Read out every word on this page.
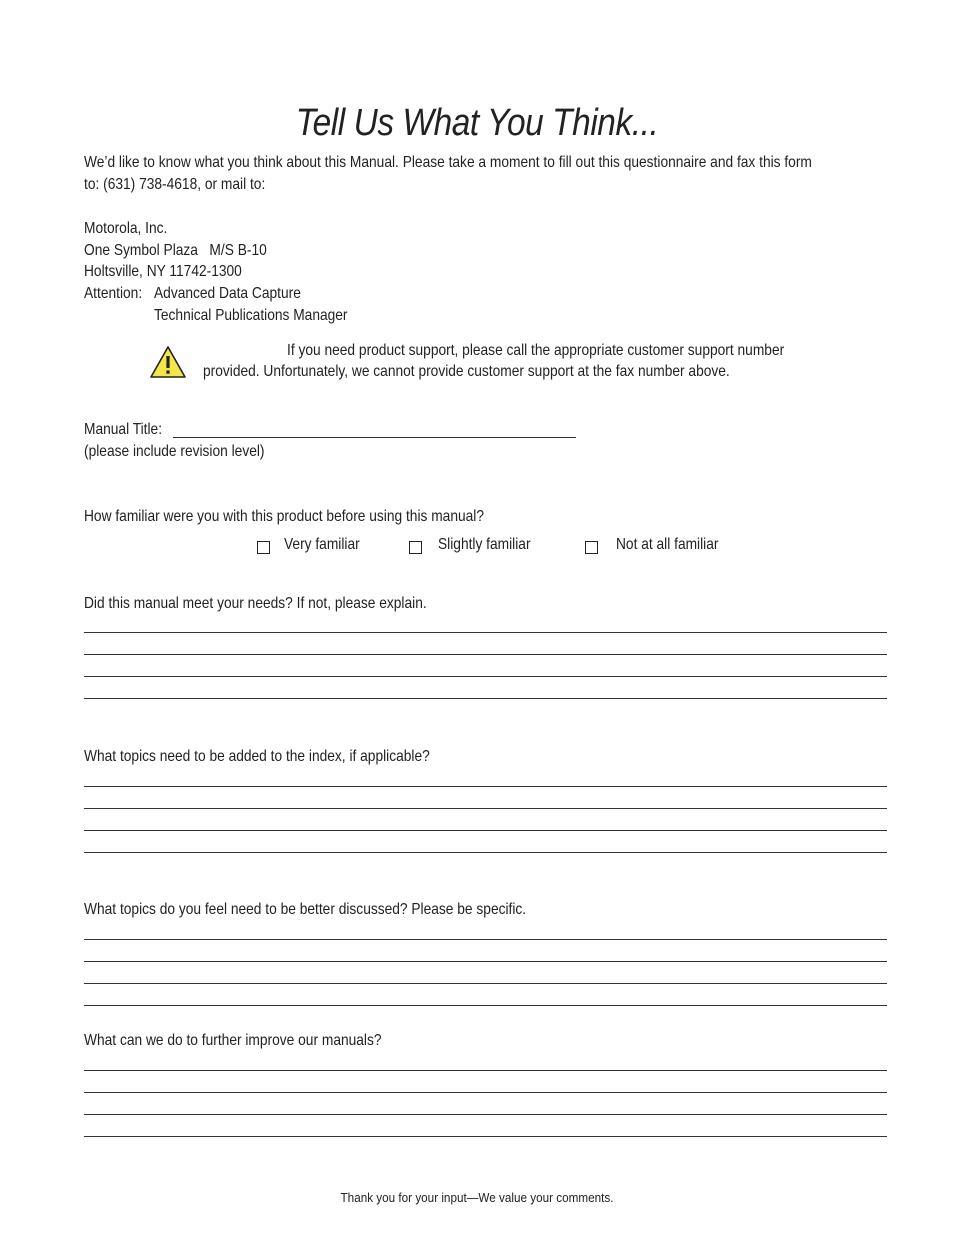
Tell Us What You Think...
We’d like to know what you think about this Manual. Please take a moment to fill out this questionnaire and fax this form
to: (631) 738-4618, or mail to:
Motorola, Inc.
One Symbol Plaza   M/S B-10
Holtsville, NY 11742-1300
Attention: Advanced Data Capture
Technical Publications Manager
If you need product support, please call the appropriate customer support number
provided. Unfortunately, we cannot provide customer support at the fax number above.
Manual Title:
(please include revision level)
How familiar were you with this product before using this manual?
Very familiar	Slightly familiar	Not at all familiar
Did this manual meet your needs? If not, please explain.
What topics need to be added to the index, if applicable?
What topics do you feel need to be better discussed? Please be specific.
What can we do to further improve our manuals?
Thank you for your input—We value your comments.
